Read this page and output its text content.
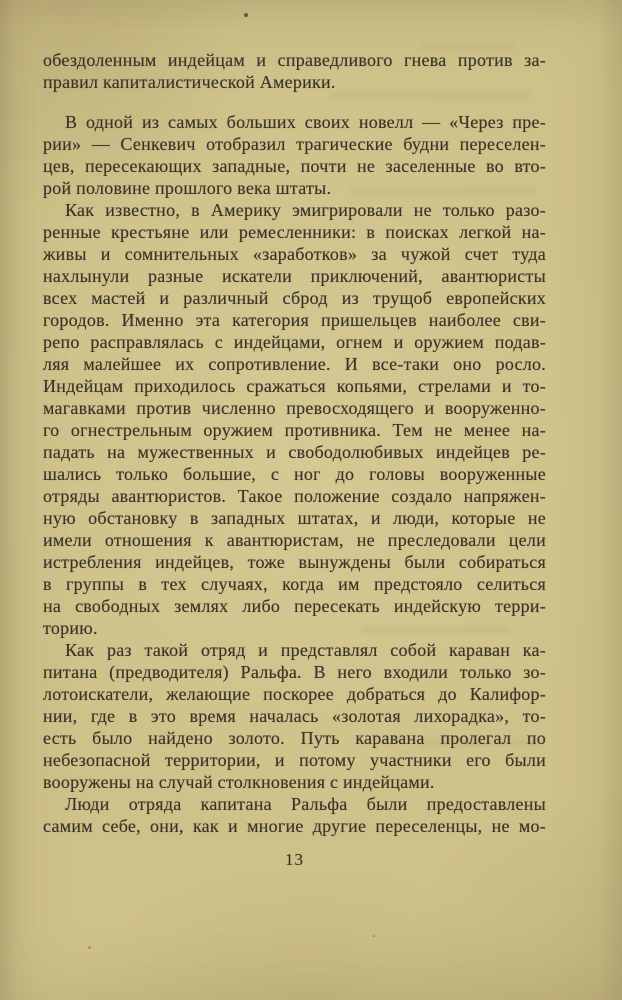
обездоленным индейцам и справедливого гнева против за-
правил капиталистической Америки.
В одной из самых больших своих новелл — «Через пре-
рии» — Сенкевич отобразил трагические будни переселен-
цев, пересекающих западные, почти не заселенные во вто-
рой половине прошлого века штаты.
Как известно, в Америку эмигрировали не только разо-
ренные крестьяне или ремесленники: в поисках легкой на-
живы и сомнительных «заработков» за чужой счет туда
нахлынули разные искатели приключений, авантюристы
всех мастей и различный сброд из трущоб европейских
городов. Именно эта категория пришельцев наиболее сви-
репо расправлялась с индейцами, огнем и оружием подав-
ляя малейшее их сопротивление. И все-таки оно росло.
Индейцам приходилось сражаться копьями, стрелами и то-
магавками против численно превосходящего и вооруженно-
го огнестрельным оружием противника. Тем не менее на-
падать на мужественных и свободолюбивых индейцев ре-
шались только большие, с ног до головы вооруженные
отряды авантюристов. Такое положение создало напряжен-
ную обстановку в западных штатах, и люди, которые не
имели отношения к авантюристам, не преследовали цели
истребления индейцев, тоже вынуждены были собираться
в группы в тех случаях, когда им предстояло селиться
на свободных землях либо пересекать индейскую терри-
торию.
Как раз такой отряд и представлял собой караван ка-
питана (предводителя) Ральфа. В него входили только зо-
лотоискатели, желающие поскорее добраться до Калифор-
нии, где в это время началась «золотая лихорадка», то-
есть было найдено золото. Путь каравана пролегал по
небезопасной территории, и потому участники его были
вооружены на случай столкновения с индейцами.
Люди отряда капитана Ральфа были предоставлены
самим себе, они, как и многие другие переселенцы, не мо-
13
